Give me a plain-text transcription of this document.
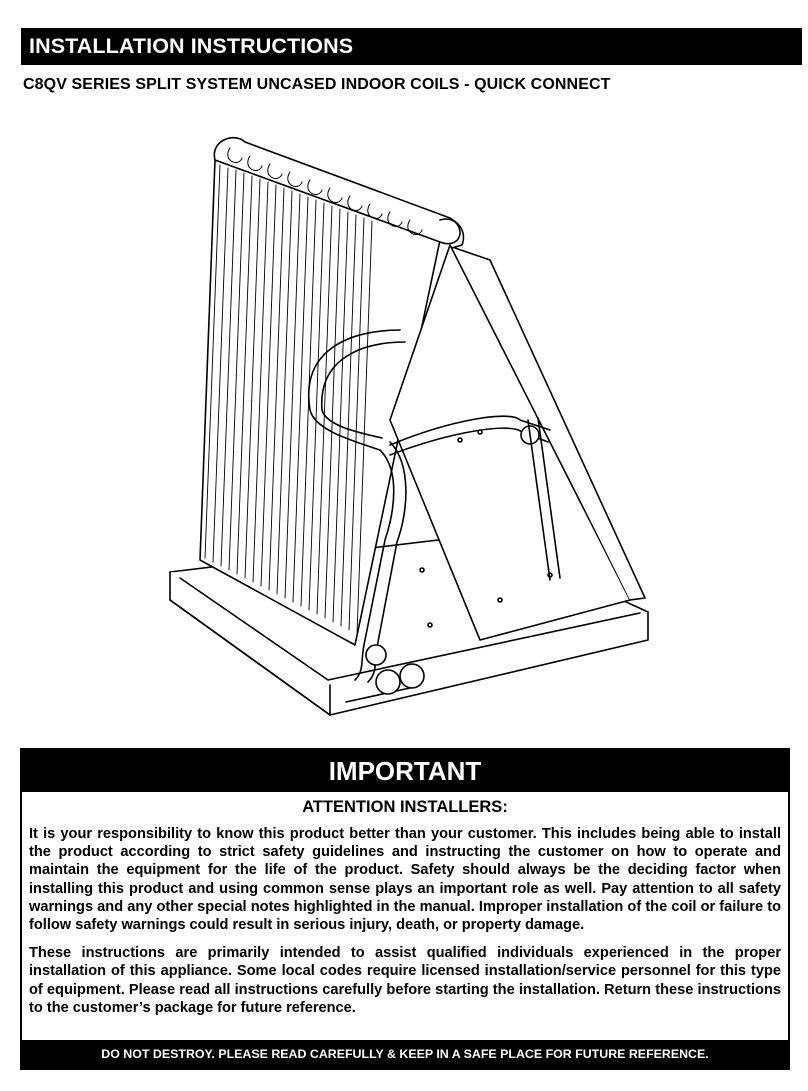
INSTALLATION INSTRUCTIONS
C8QV SERIES SPLIT SYSTEM UNCASED INDOOR COILS - QUICK CONNECT
IMPORTANT
ATTENTION INSTALLERS:
It is your responsibility to know this product better than your customer. This includes being able to install the product according to strict safety guidelines and instructing the customer on how to operate and maintain the equipment for the life of the product. Safety should always be the deciding factor when installing this product and using common sense plays an important role as well. Pay attention to all safety warnings and any other special notes highlighted in the manual. Improper installation of the coil or failure to follow safety warnings could result in serious injury, death, or property damage.
These instructions are primarily intended to assist qualified individuals experienced in the proper installation of this appliance. Some local codes require licensed installation/service personnel for this type of equipment. Please read all instructions carefully before starting the installation. Return these instructions to the customer’s package for future reference.
DO NOT DESTROY. PLEASE READ CAREFULLY & KEEP IN A SAFE PLACE FOR FUTURE REFERENCE.
